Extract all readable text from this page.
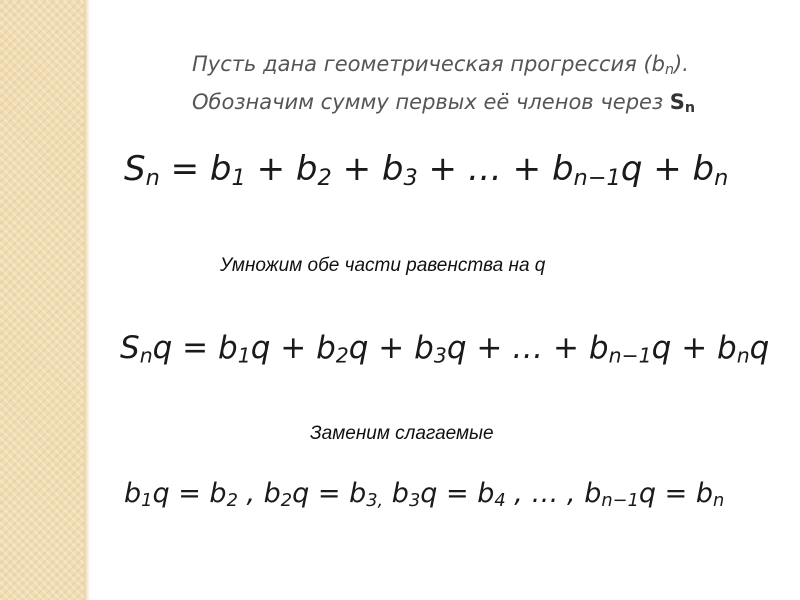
Пусть дана геометрическая прогрессия $(b_n)$.
Обозначим сумму первых её членов через $S_n$
$S_n = b_1 + b_2 + b_3$ + … + $b_{n-1}q + b_n$
Умножим обе части равенства на q
$S_nq = b_1q + b_2q + b_3q$ + … + $b_{n-1}q + b_nq$
Заменим слагаемые
$b_1q = b_2$ , $b_2q = b_{3,}$ $b_3q = b_4$ , … , $b_{n-1}q = b_n$
